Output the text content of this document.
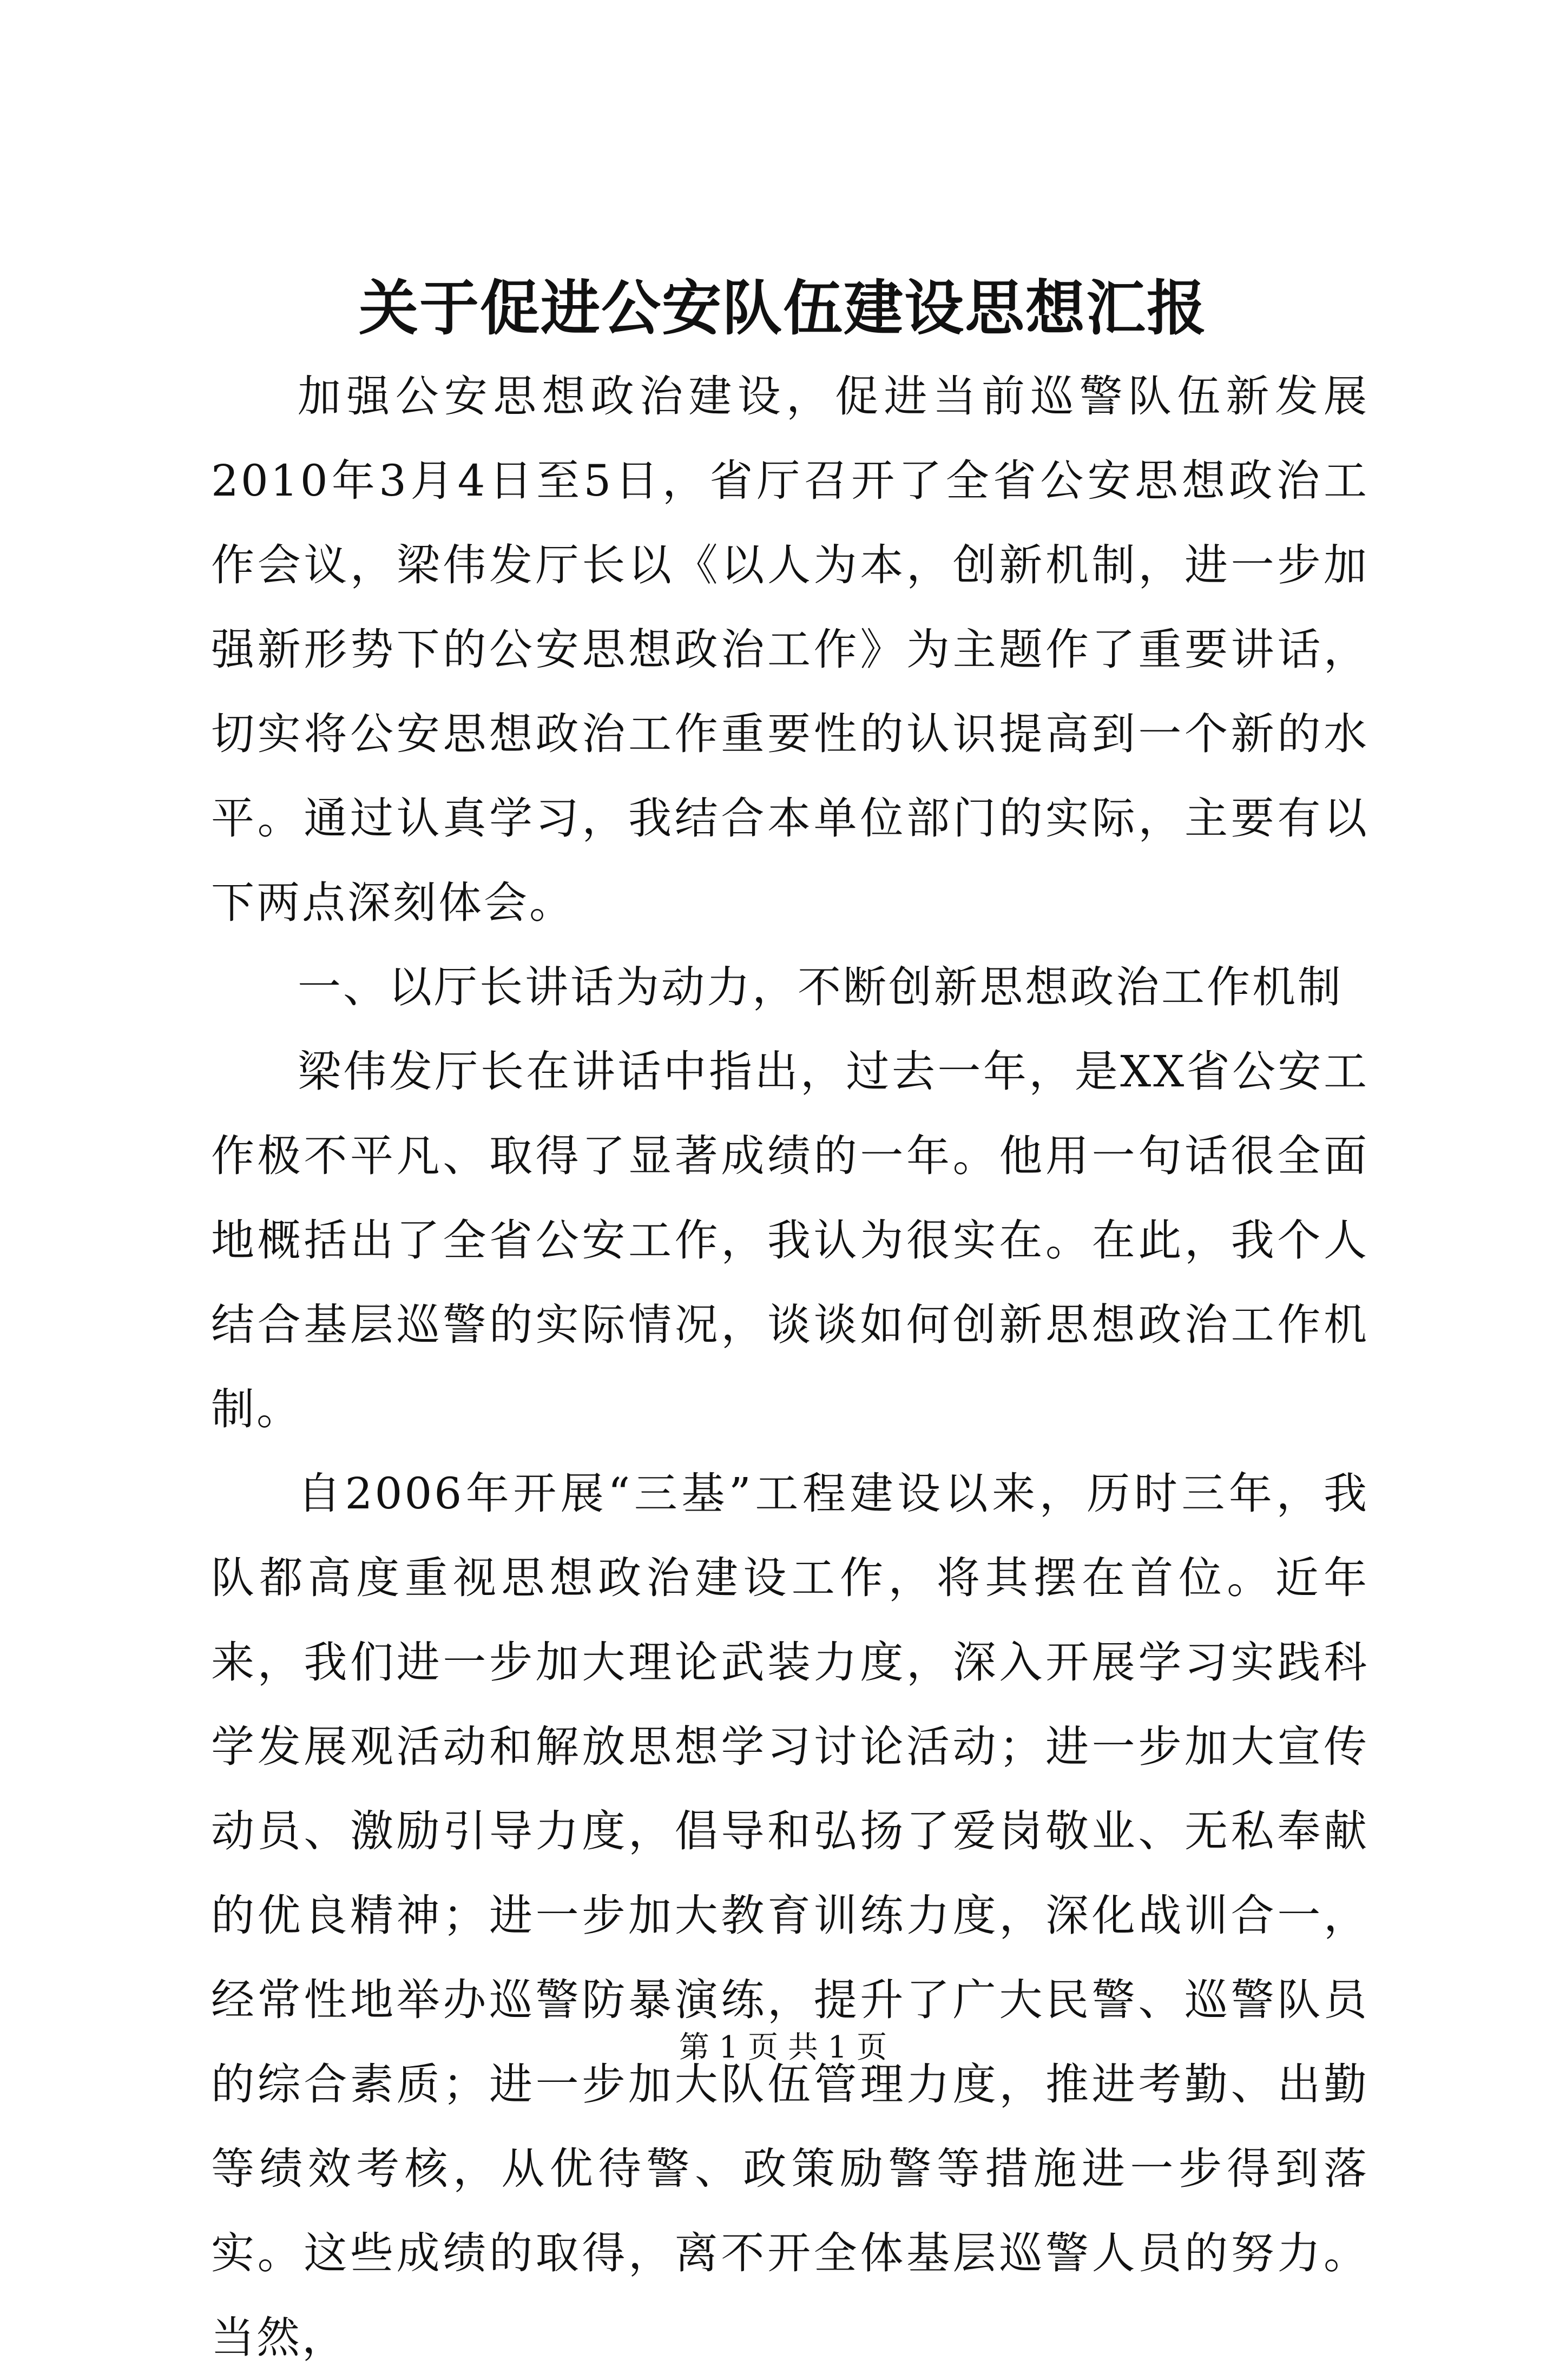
关于促进公安队伍建设思想汇报

加强公安思想政治建设，促进当前巡警队伍新发展2010年3月4日至5日，省厅召开了全省公安思想政治工作会议，梁伟发厅长以《以人为本，创新机制，进一步加强新形势下的公安思想政治工作》为主题作了重要讲话，切实将公安思想政治工作重要性的认识提高到一个新的水平。通过认真学习，我结合本单位部门的实际，主要有以下两点深刻体会。

一、以厅长讲话为动力，不断创新思想政治工作机制

梁伟发厅长在讲话中指出，过去一年，是XX省公安工作极不平凡、取得了显著成绩的一年。他用一句话很全面地概括出了全省公安工作，我认为很实在。在此，我个人结合基层巡警的实际情况，谈谈如何创新思想政治工作机制。

自2006年开展“三基”工程建设以来，历时三年，我队都高度重视思想政治建设工作，将其摆在首位。近年来，我们进一步加大理论武装力度，深入开展学习实践科学发展观活动和解放思想学习讨论活动；进一步加大宣传动员、激励引导力度，倡导和弘扬了爱岗敬业、无私奉献的优良精神；进一步加大教育训练力度，深化战训合一，经常性地举办巡警防暴演练，提升了广大民警、巡警队员的综合素质；进一步加大队伍管理力度，推进考勤、出勤等绩效考核，从优待警、政策励警等措施进一步得到落实。这些成绩的取得，离不开全体基层巡警人员的努力。当然，

第 1 页 共 1 页
